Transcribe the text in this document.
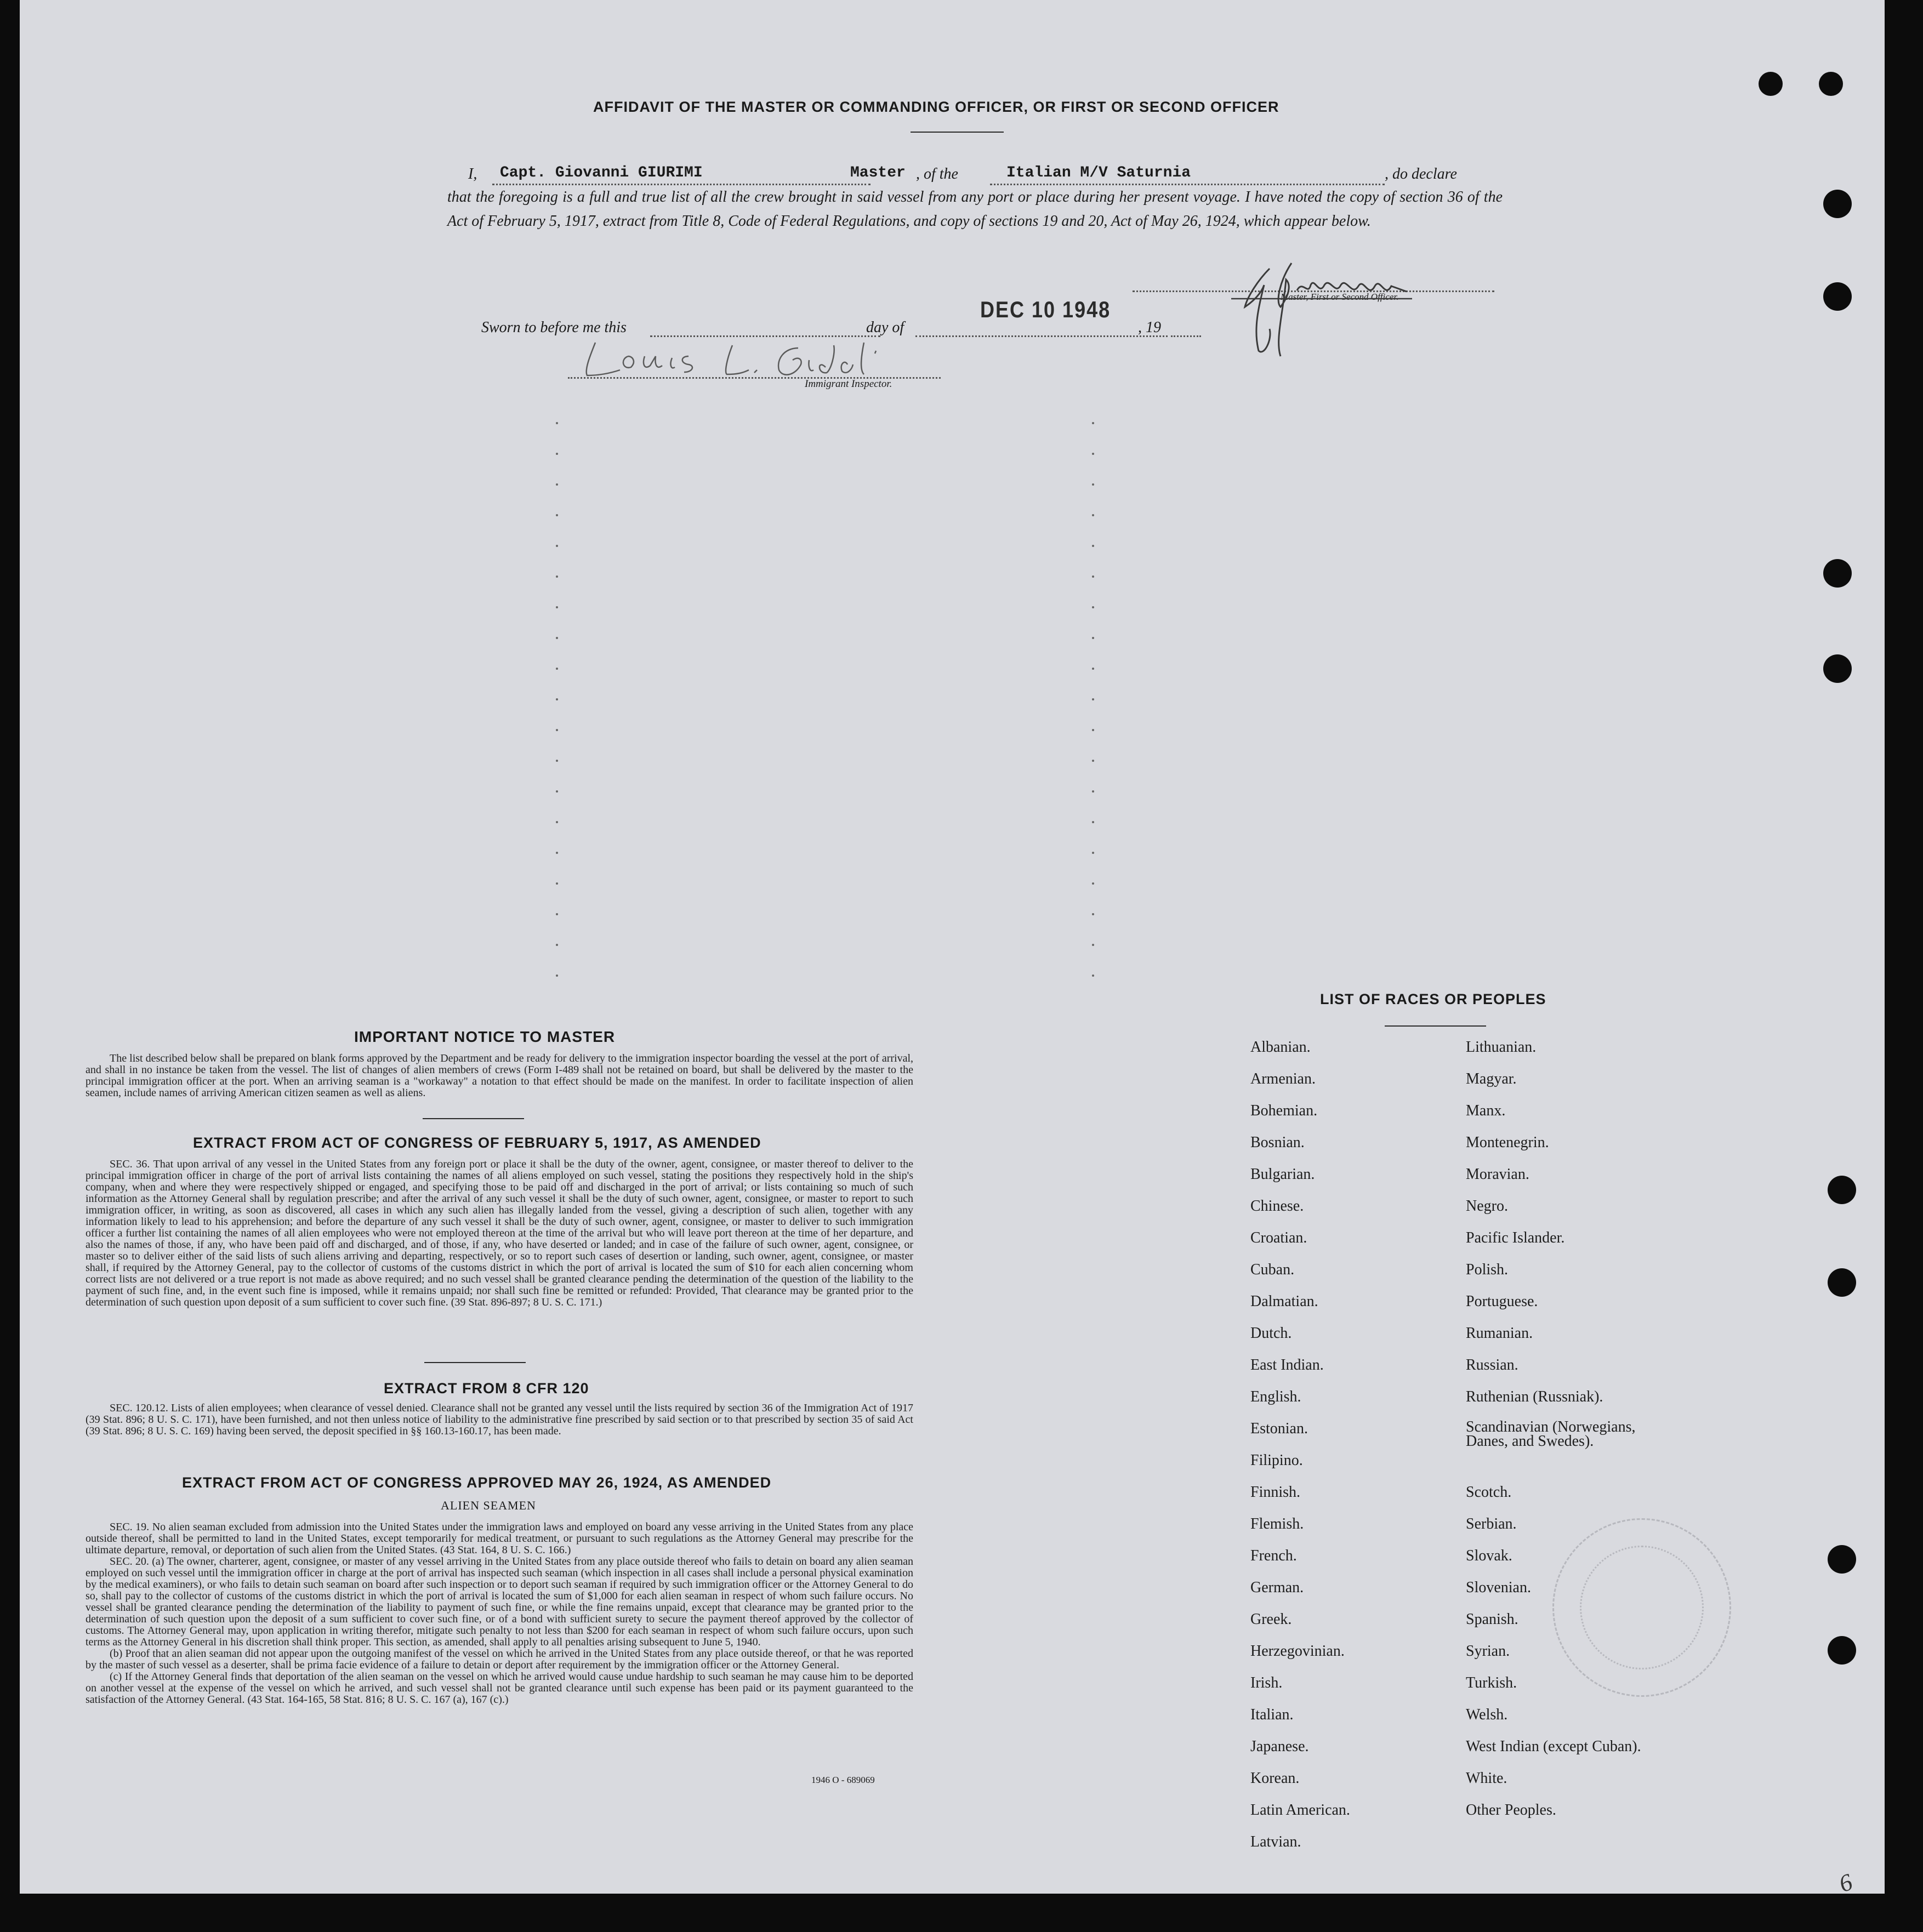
AFFIDAVIT OF THE MASTER OR COMMANDING OFFICER, OR FIRST OR SECOND OFFICER
I, Capt. Giovanni GIURIMI	Master , of the	Italian M/V Saturnia	, do declare
that the foregoing is a full and true list of all the crew brought in said vessel from any port or place during her present voyage. I have noted the copy of section 36 of the Act of February 5, 1917, extract from Title 8, Code of Federal Regulations, and copy of sections 19 and 20, Act of May 26, 1924, which appear below.
Sworn to before me this	day of
DEC 10 1948
, 19
Master, First or Second Officer.
Immigrant Inspector.
IMPORTANT NOTICE TO MASTER

The list described below shall be prepared on blank forms approved by the Department and be ready for delivery to the immigration inspector boarding the vessel at the port of arrival, and shall in no instance be taken from the vessel. The list of changes of alien members of crews (Form I-489 shall not be retained on board, but shall be delivered by the master to the principal immigration officer at the port. When an arriving seaman is a "workaway" a notation to that effect should be made on the manifest. In order to facilitate inspection of alien seamen, include names of arriving American citizen seamen as well as aliens.

EXTRACT FROM ACT OF CONGRESS OF FEBRUARY 5, 1917, AS AMENDED

SEC. 36. That upon arrival of any vessel in the United States from any foreign port or place it shall be the duty of the owner, agent, consignee, or master thereof to deliver to the principal immigration officer in charge of the port of arrival lists containing the names of all aliens employed on such vessel, stating the positions they respectively hold in the ship's company, when and where they were respectively shipped or engaged, and specifying those to be paid off and discharged in the port of arrival; or lists containing so much of such information as the Attorney General shall by regulation prescribe; and after the arrival of any such vessel it shall be the duty of such owner, agent, consignee, or master to report to such immigration officer, in writing, as soon as discovered, all cases in which any such alien has illegally landed from the vessel, giving a description of such alien, together with any information likely to lead to his apprehension; and before the departure of any such vessel it shall be the duty of such owner, agent, consignee, or master to deliver to such immigration officer a further list containing the names of all alien employees who were not employed thereon at the time of the arrival but who will leave port thereon at the time of her departure, and also the names of those, if any, who have been paid off and discharged, and of those, if any, who have deserted or landed; and in case of the failure of such owner, agent, consignee, or master so to deliver either of the said lists of such aliens arriving and departing, respectively, or so to report such cases of desertion or landing, such owner, agent, consignee, or master shall, if required by the Attorney General, pay to the collector of customs of the customs district in which the port of arrival is located the sum of $10 for each alien concerning whom correct lists are not delivered or a true report is not made as above required; and no such vessel shall be granted clearance pending the determination of the question of the liability to the payment of such fine, and, in the event such fine is imposed, while it remains unpaid; nor shall such fine be remitted or refunded: Provided, That clearance may be granted prior to the determination of such question upon deposit of a sum sufficient to cover such fine. (39 Stat. 896-897; 8 U. S. C. 171.)

EXTRACT FROM 8 CFR 120

SEC. 120.12. Lists of alien employees; when clearance of vessel denied. Clearance shall not be granted any vessel until the lists required by section 36 of the Immigration Act of 1917 (39 Stat. 896; 8 U. S. C. 171), have been furnished, and not then unless notice of liability to the administrative fine prescribed by said section or to that prescribed by section 35 of said Act (39 Stat. 896; 8 U. S. C. 169) having been served, the deposit specified in §§ 160.13-160.17, has been made.

EXTRACT FROM ACT OF CONGRESS APPROVED MAY 26, 1924, AS AMENDED
ALIEN SEAMEN

SEC. 19. No alien seaman excluded from admission into the United States under the immigration laws and employed on board any vesse arriving in the United States from any place outside thereof, shall be permitted to land in the United States, except temporarily for medical treatment, or pursuant to such regulations as the Attorney General may prescribe for the ultimate departure, removal, or deportation of such alien from the United States. (43 Stat. 164, 8 U. S. C. 166.)

SEC. 20. (a) The owner, charterer, agent, consignee, or master of any vessel arriving in the United States from any place outside thereof who fails to detain on board any alien seaman employed on such vessel until the immigration officer in charge at the port of arrival has inspected such seaman (which inspection in all cases shall include a personal physical examination by the medical examiners), or who fails to detain such seaman on board after such inspection or to deport such seaman if required by such immigration officer or the Attorney General to do so, shall pay to the collector of customs of the customs district in which the port of arrival is located the sum of $1,000 for each alien seaman in respect of whom such failure occurs. No vessel shall be granted clearance pending the determination of the liability to payment of such fine, or while the fine remains unpaid, except that clearance may be granted prior to the determination of such question upon the deposit of a sum sufficient to cover such fine, or of a bond with sufficient surety to secure the payment thereof approved by the collector of customs. The Attorney General may, upon application in writing therefor, mitigate such penalty to not less than $200 for each seaman in respect of whom such failure occurs, upon such terms as the Attorney General in his discretion shall think proper. This section, as amended, shall apply to all penalties arising subsequent to June 5, 1940.

(b) Proof that an alien seaman did not appear upon the outgoing manifest of the vessel on which he arrived in the United States from any place outside thereof, or that he was reported by the master of such vessel as a deserter, shall be prima facie evidence of a failure to detain or deport after requirement by the immigration officer or the Attorney General.

(c) If the Attorney General finds that deportation of the alien seaman on the vessel on which he arrived would cause undue hardship to such seaman he may cause him to be deported on another vessel at the expense of the vessel on which he arrived, and such vessel shall not be granted clearance until such expense has been paid or its payment guaranteed to the satisfaction of the Attorney General. (43 Stat. 164-165, 58 Stat. 816; 8 U. S. C. 167 (a), 167 (c).)

1946 O - 689069
LIST OF RACES OR PEOPLES
Albanian.
Armenian.
Bohemian.
Bosnian.
Bulgarian.
Chinese.
Croatian.
Cuban.
Dalmatian.
Dutch.
East Indian.
English.
Estonian.
Filipino.
Finnish.
Flemish.
French.
German.
Greek.
Herzegovinian.
Irish.
Italian.
Japanese.
Korean.
Latin American.
Latvian.
Lithuanian.
Magyar.
Manx.
Montenegrin.
Moravian.
Negro.
Pacific Islander.
Polish.
Portuguese.
Rumanian.
Russian.
Ruthenian (Russniak).
Scandinavian (Norwegians, Danes, and Swedes).
Scotch.
Serbian.
Slovak.
Slovenian.
Spanish.
Syrian.
Turkish.
Welsh.
West Indian (except Cuban).
White.
Other Peoples.
6
